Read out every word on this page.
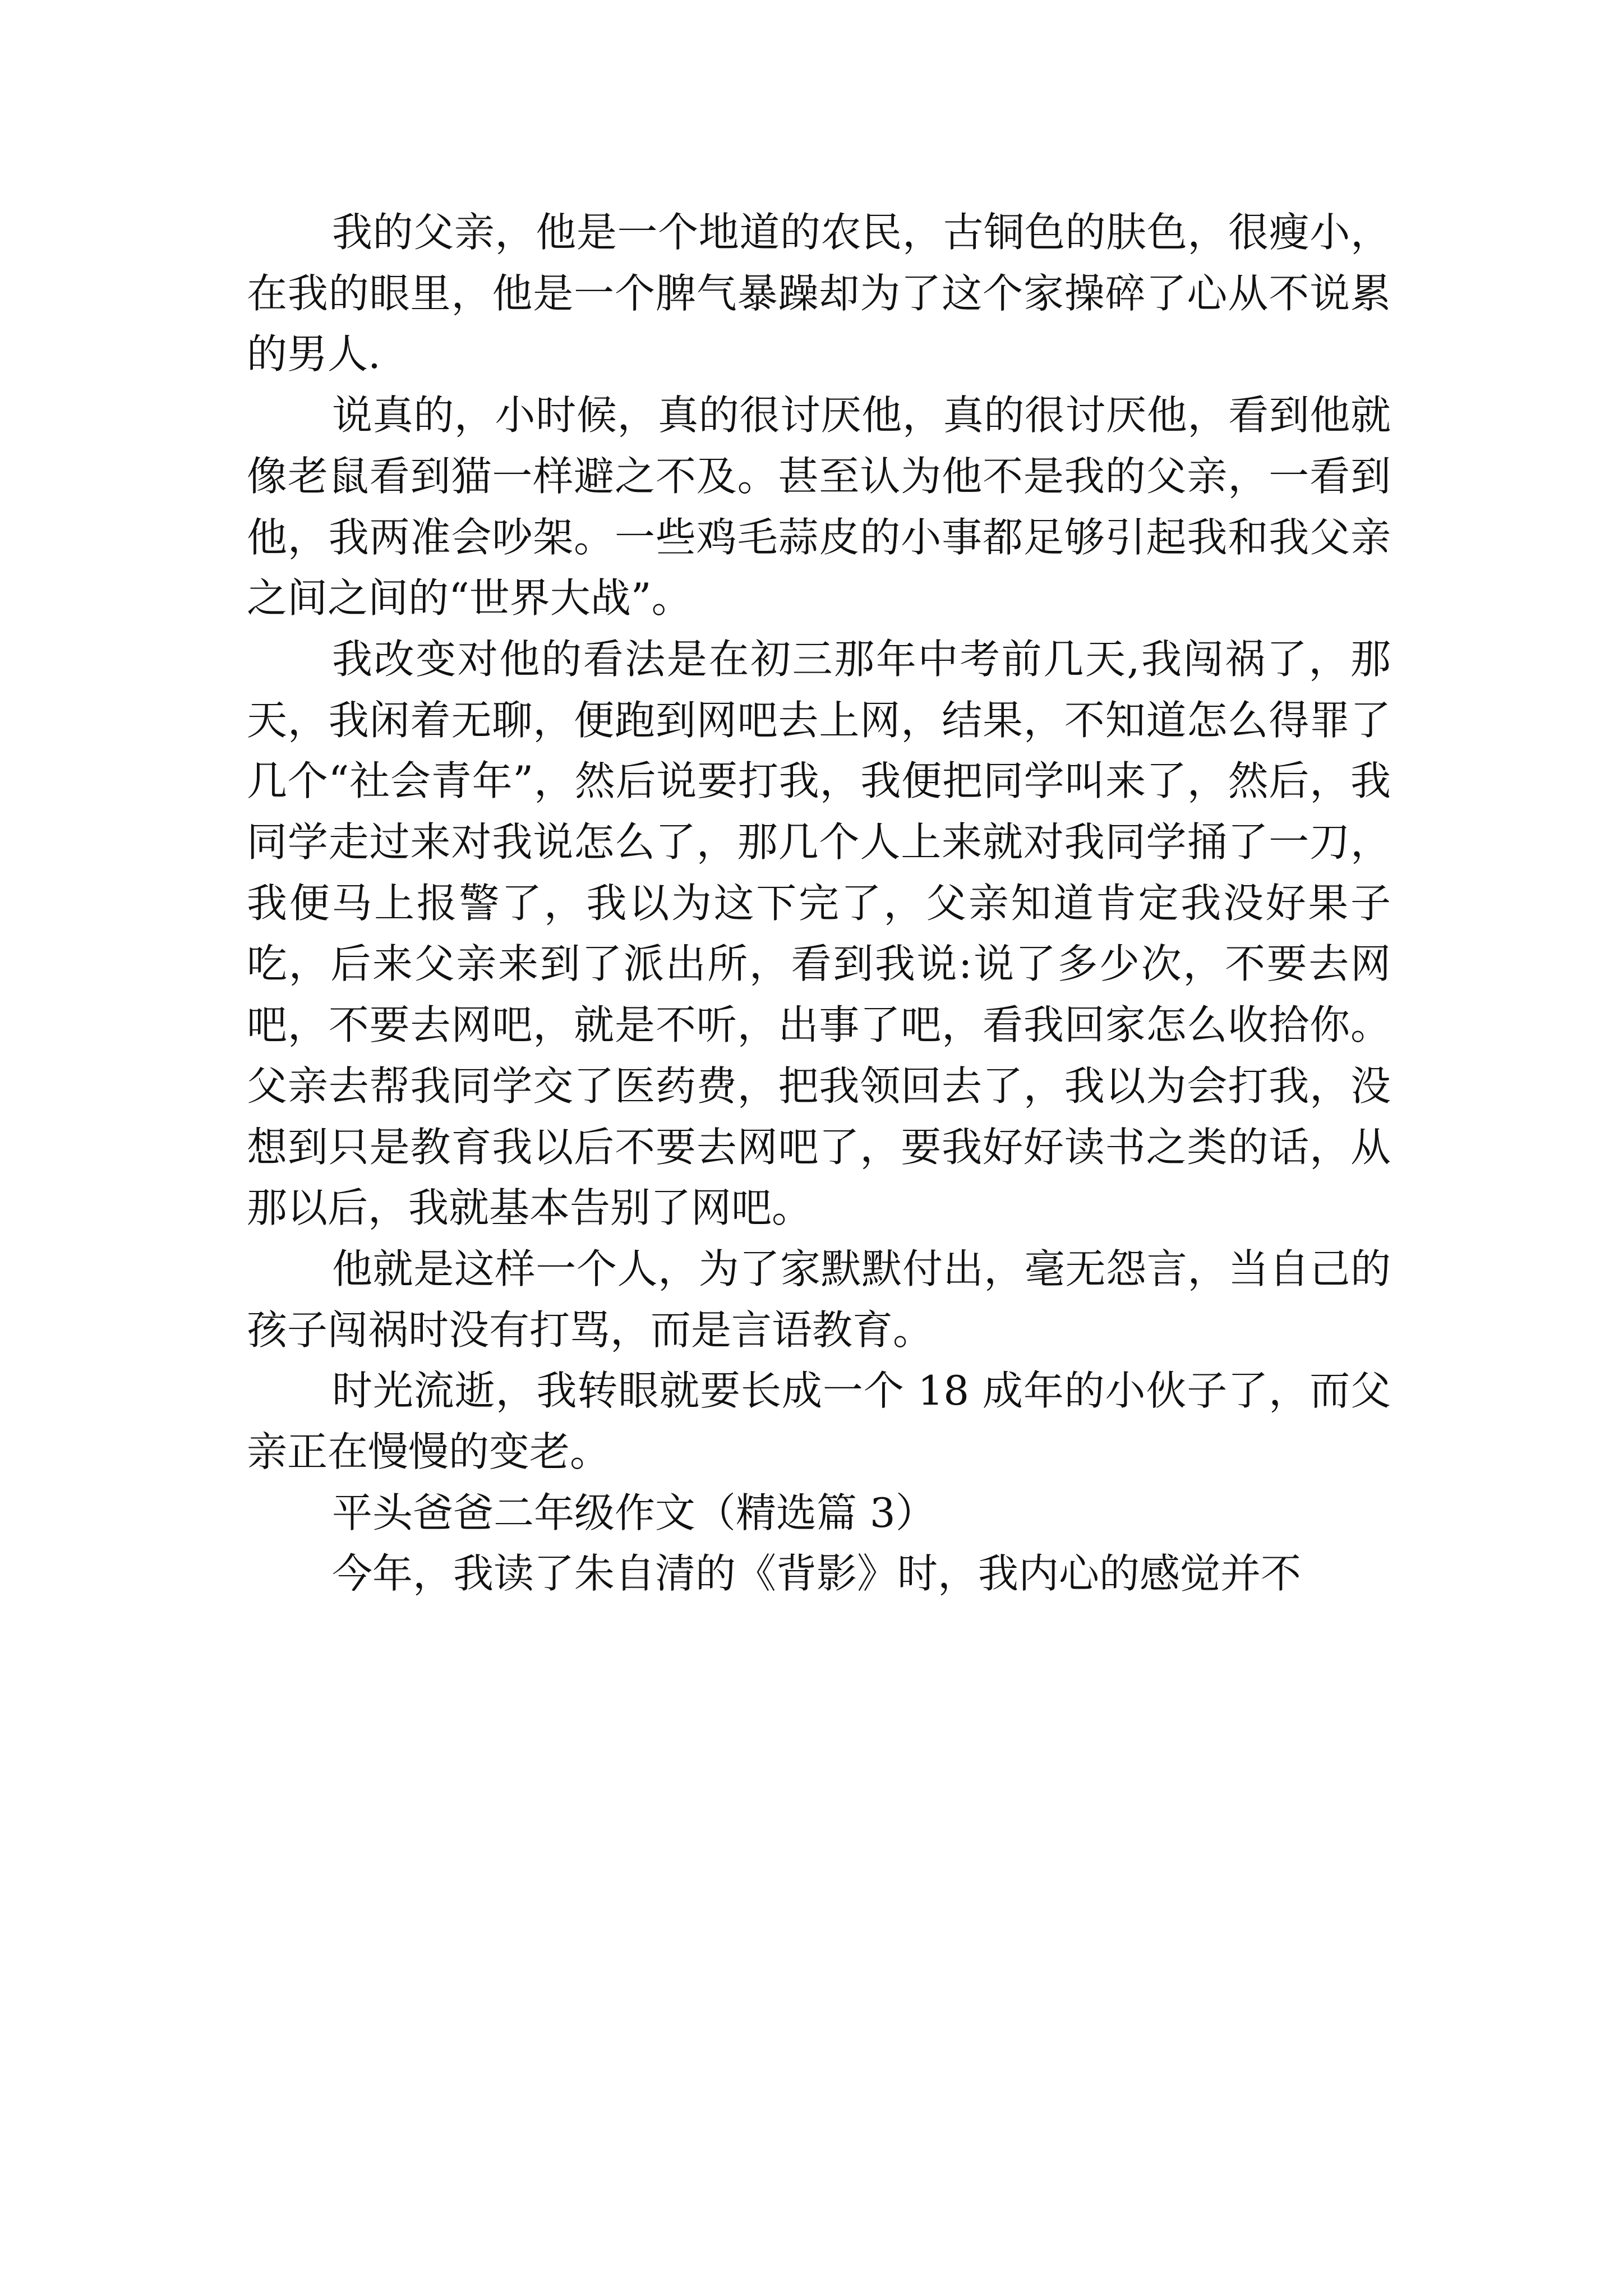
我的父亲，他是一个地道的农民，古铜色的肤色，很瘦小，在我的眼里，他是一个脾气暴躁却为了这个家操碎了心从不说累的男人.

说真的，小时候，真的很讨厌他，真的很讨厌他，看到他就像老鼠看到猫一样避之不及。甚至认为他不是我的父亲，一看到他，我两准会吵架。一些鸡毛蒜皮的小事都足够引起我和我父亲之间之间的“世界大战”。

我改变对他的看法是在初三那年中考前几天,我闯祸了，那天，我闲着无聊，便跑到网吧去上网，结果，不知道怎么得罪了几个“社会青年”，然后说要打我，我便把同学叫来了，然后，我同学走过来对我说怎么了，那几个人上来就对我同学捅了一刀，我便马上报警了，我以为这下完了，父亲知道肯定我没好果子吃，后来父亲来到了派出所，看到我说:说了多少次，不要去网吧，不要去网吧，就是不听，出事了吧，看我回家怎么收拾你。父亲去帮我同学交了医药费，把我领回去了，我以为会打我，没想到只是教育我以后不要去网吧了，要我好好读书之类的话，从那以后，我就基本告别了网吧。

他就是这样一个人，为了家默默付出，毫无怨言，当自己的孩子闯祸时没有打骂，而是言语教育。

时光流逝，我转眼就要长成一个 18 成年的小伙子了，而父亲正在慢慢的变老。

平头爸爸二年级作文（精选篇 3）

今年，我读了朱自清的《背影》时，我内心的感觉并不
